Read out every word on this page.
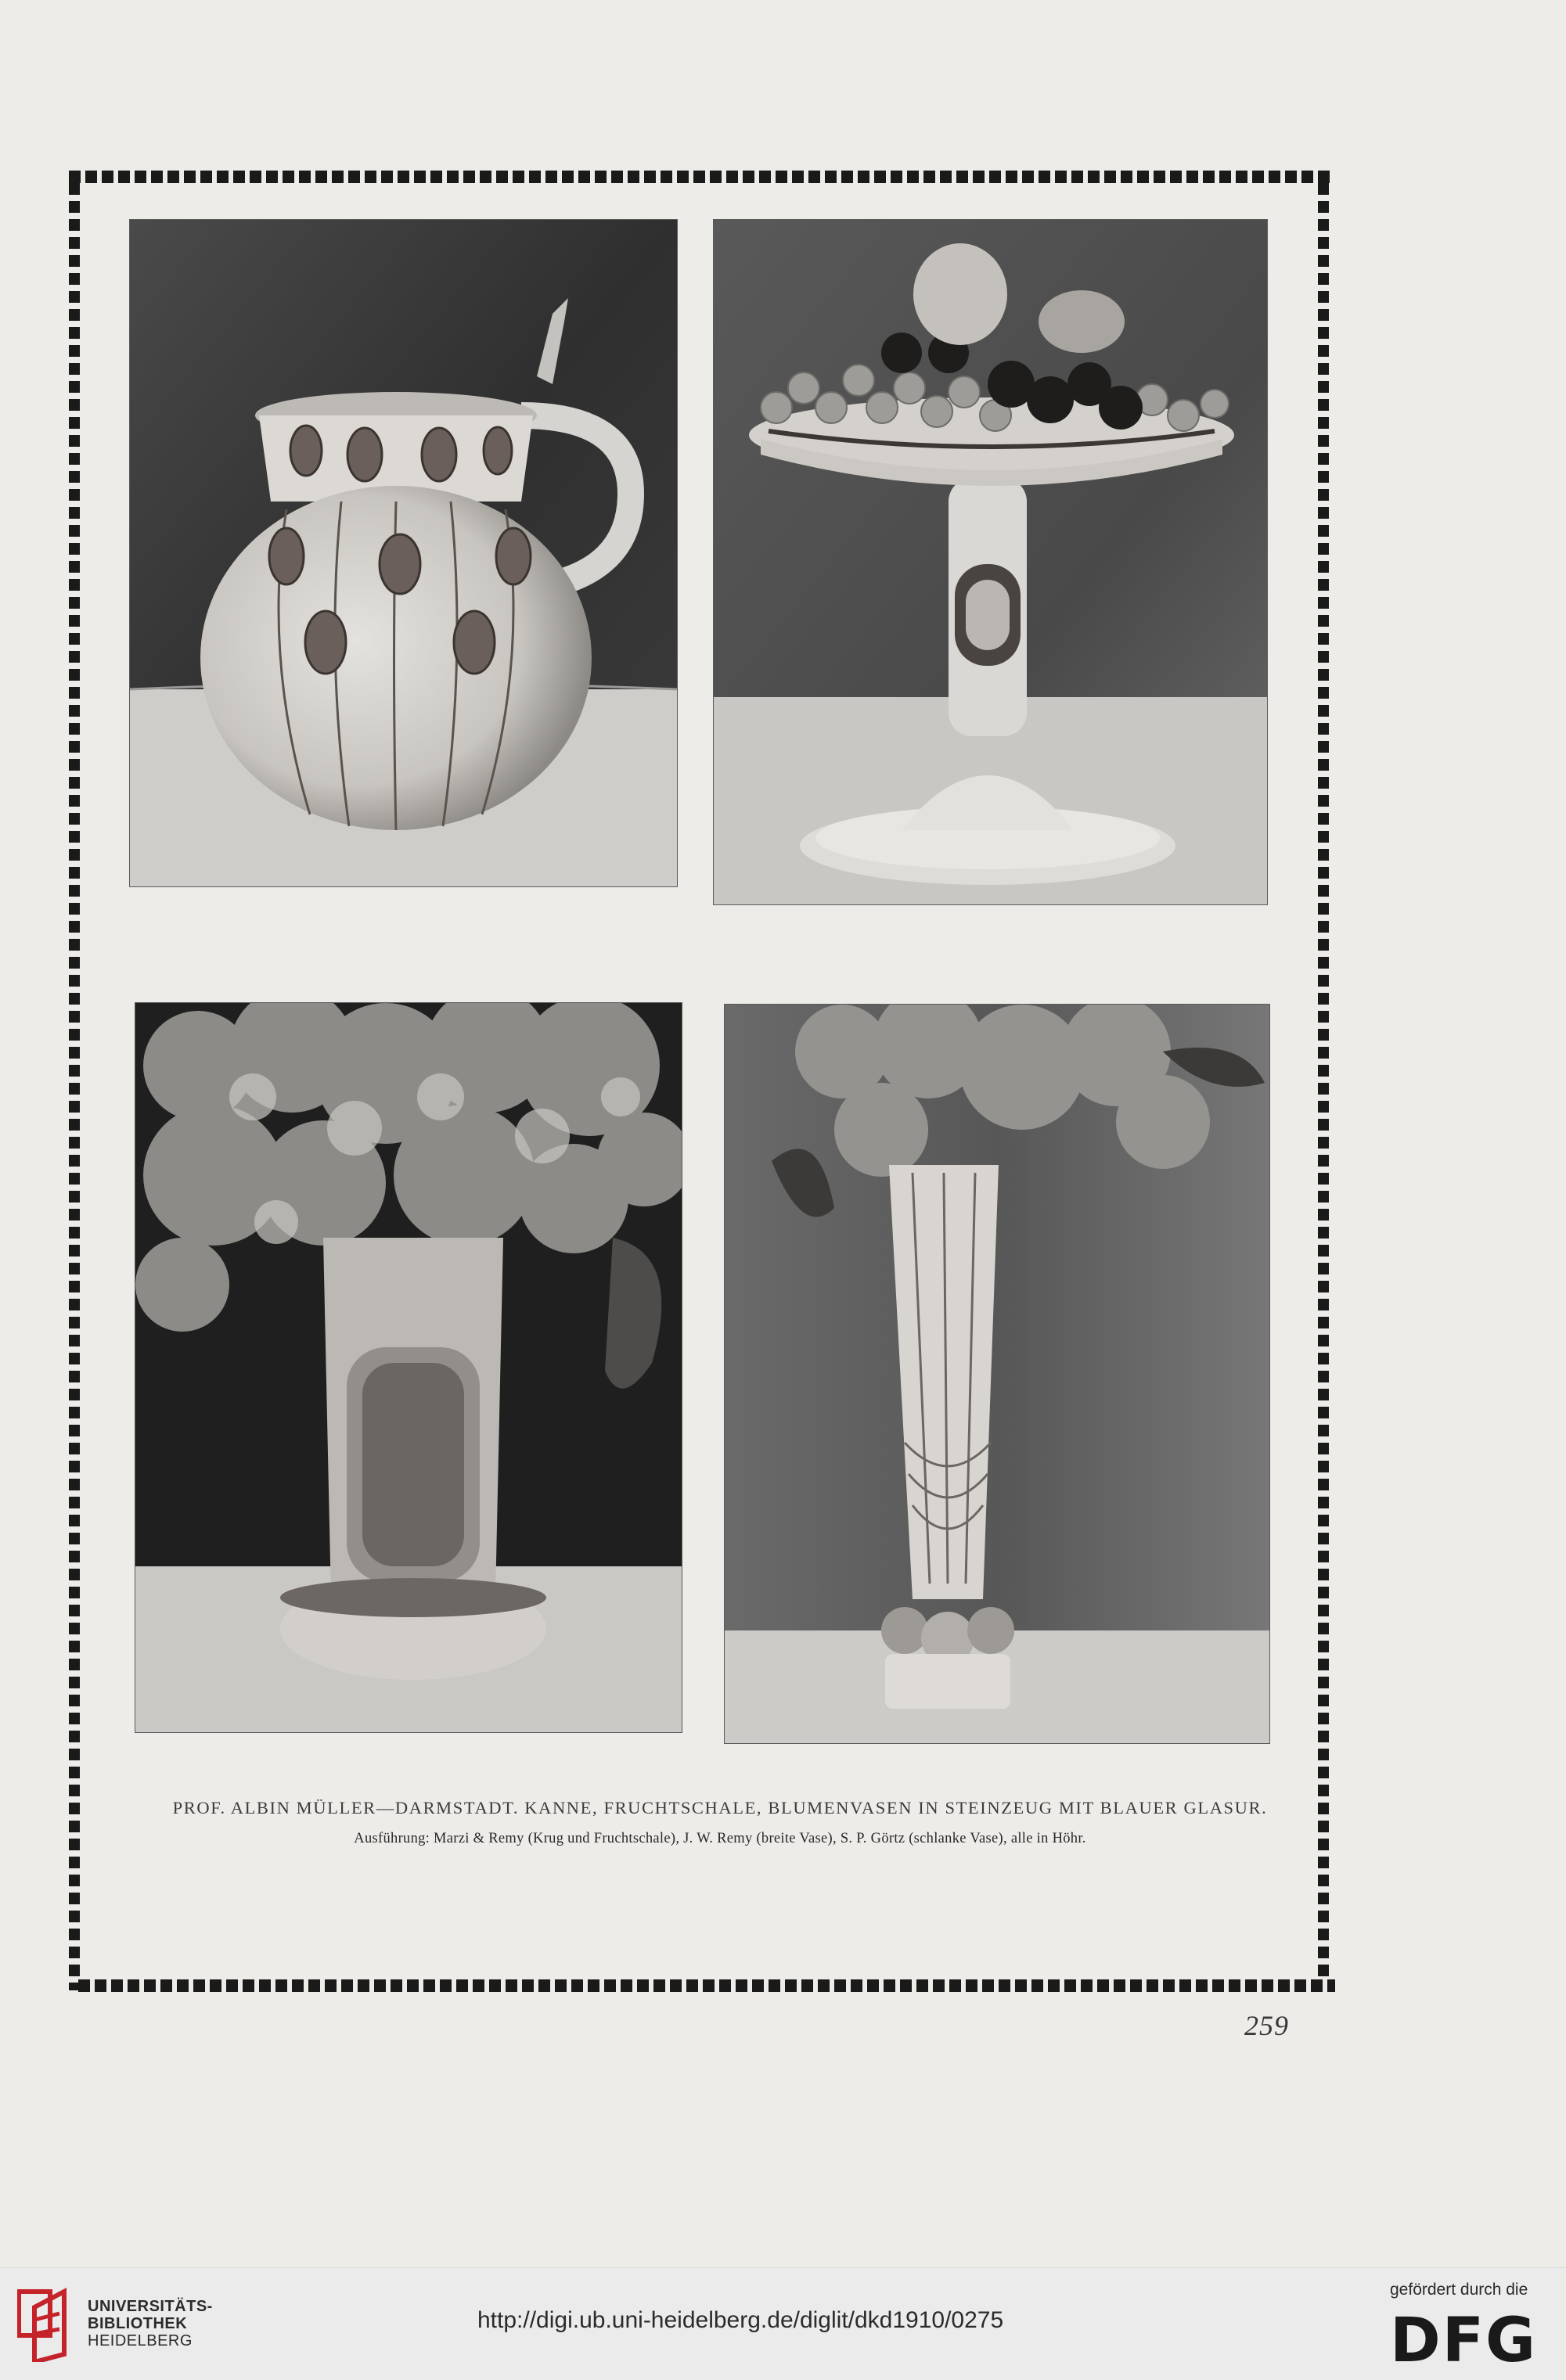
PROF. ALBIN MÜLLER—DARMSTADT. KANNE, FRUCHTSCHALE, BLUMENVASEN IN STEINZEUG MIT BLAUER GLASUR.

Ausführung: Marzi & Remy (Krug und Fruchtschale), J. W. Remy (breite Vase), S. P. Görtz (schlanke Vase), alle in Höhr.

259
UNIVERSITÄTS-
BIBLIOTHEK
HEIDELBERG
http://digi.ub.uni-heidelberg.de/diglit/dkd1910/0275
gefördert durch die
DFG
